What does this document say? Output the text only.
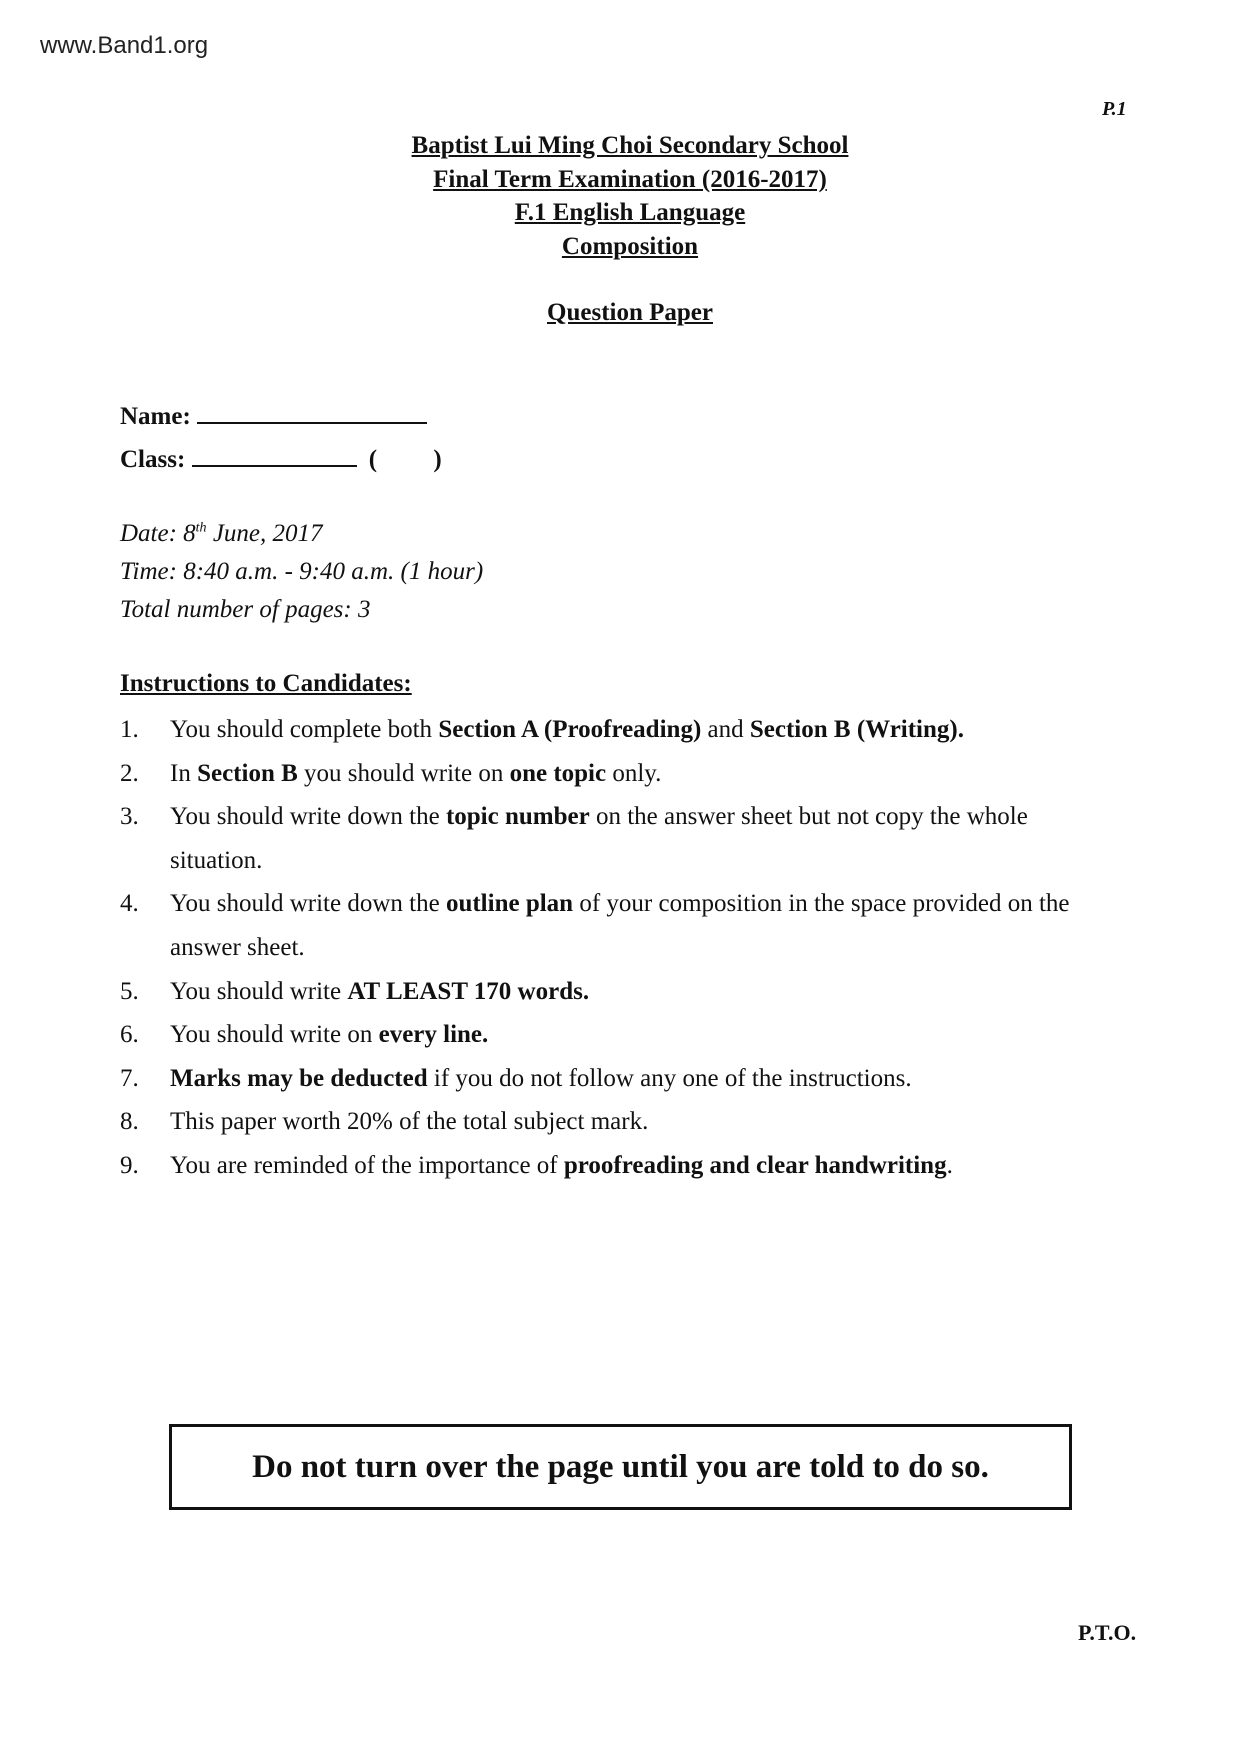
www.Band1.org
P.1
Baptist Lui Ming Choi Secondary School
Final Term Examination (2016-2017)
F.1 English Language
Composition
Question Paper
Name:
Class:	( )
Date: 8th June, 2017
Time: 8:40 a.m. - 9:40 a.m. (1 hour)
Total number of pages: 3
Instructions to Candidates:
1.	You should complete both Section A (Proofreading) and Section B (Writing).
2.	In Section B you should write on one topic only.
3.	You should write down the topic number on the answer sheet but not copy the whole situation.
4.	You should write down the outline plan of your composition in the space provided on the answer sheet.
5.	You should write AT LEAST 170 words.
6.	You should write on every line.
7.	Marks may be deducted if you do not follow any one of the instructions.
8.	This paper worth 20% of the total subject mark.
9.	You are reminded of the importance of proofreading and clear handwriting.
Do not turn over the page until you are told to do so.
P.T.O.
